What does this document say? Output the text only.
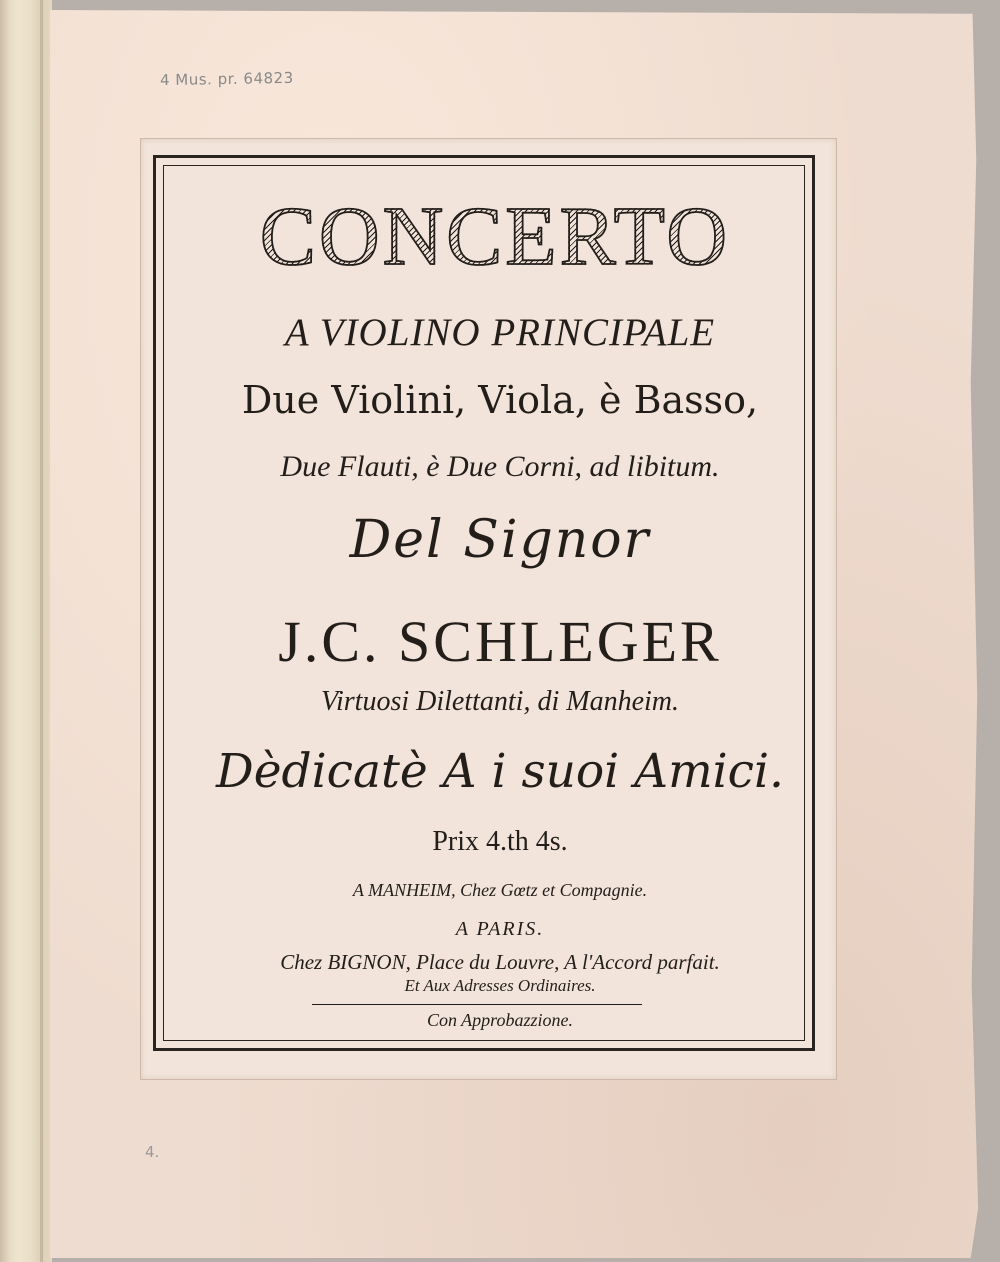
4 Mus. pr. 64823
4.
CONCERTO
A VIOLINO PRINCIPALE
Due Violini, Viola, è Basso,
Due Flauti, è Due Corni, ad libitum.
Del Signor
J.C. SCHLEGER
Virtuosi Dilettanti, di Manheim.
Dèdicatè A i suoi Amici.
Prix 4.th 4s.
A MANHEIM, Chez Gœtz et Compagnie.
A PARIS.
Chez BIGNON, Place du Louvre, A l'Accord parfait.
Et Aux Adresses Ordinaires.
Con Approbazzione.
